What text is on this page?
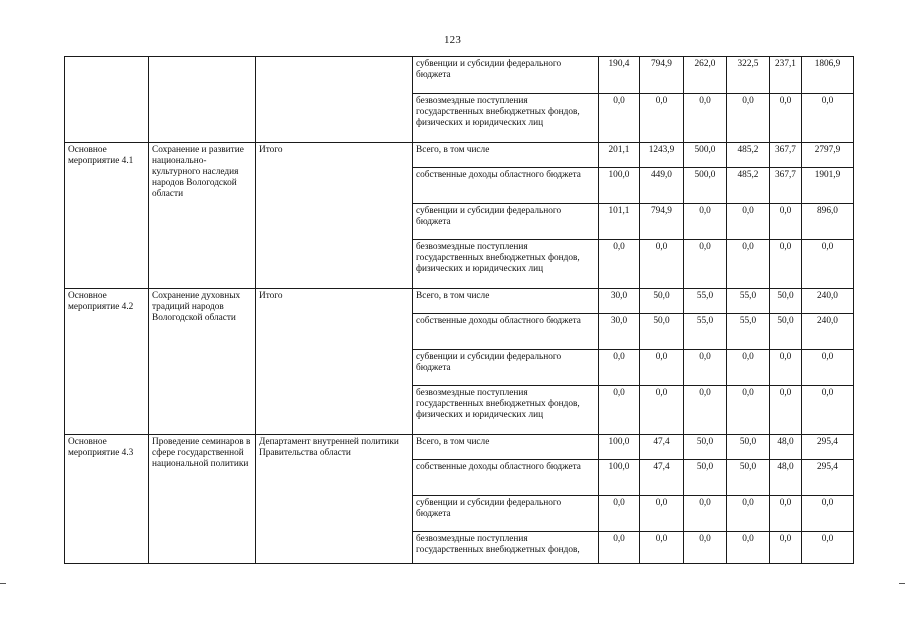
123
			субвенции и субсидии федерального бюджета	190,4	794,9	262,0	322,5	237,1	1806,9
			безвозмездные поступления государственных внебюджетных фондов, физических и юридических лиц	0,0	0,0	0,0	0,0	0,0	0,0
Основное мероприятие 4.1	Сохранение и развитие национально-культурного наследия народов Вологодской области	Итого	Всего, в том числе	201,1	1243,9	500,0	485,2	367,7	2797,9
			собственные доходы областного бюджета	100,0	449,0	500,0	485,2	367,7	1901,9
			субвенции и субсидии федерального бюджета	101,1	794,9	0,0	0,0	0,0	896,0
			безвозмездные поступления государственных внебюджетных фондов, физических и юридических лиц	0,0	0,0	0,0	0,0	0,0	0,0
Основное мероприятие 4.2	Сохранение духовных традиций народов Вологодской области	Итого	Всего, в том числе	30,0	50,0	55,0	55,0	50,0	240,0
			собственные доходы областного бюджета	30,0	50,0	55,0	55,0	50,0	240,0
			субвенции и субсидии федерального бюджета	0,0	0,0	0,0	0,0	0,0	0,0
			безвозмездные поступления государственных внебюджетных фондов, физических и юридических лиц	0,0	0,0	0,0	0,0	0,0	0,0
Основное мероприятие 4.3	Проведение семинаров в сфере государственной национальной политики	Департамент внутренней политики Правительства области	Всего, в том числе	100,0	47,4	50,0	50,0	48,0	295,4
			собственные доходы областного бюджета	100,0	47,4	50,0	50,0	48,0	295,4
			субвенции и субсидии федерального бюджета	0,0	0,0	0,0	0,0	0,0	0,0
			безвозмездные поступления государственных внебюджетных фондов,	0,0	0,0	0,0	0,0	0,0	0,0
